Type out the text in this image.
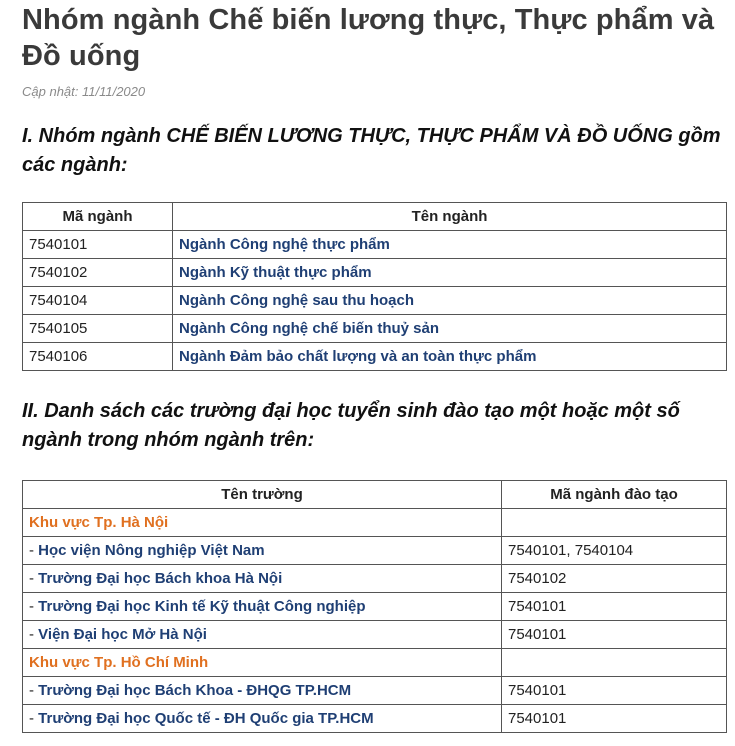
Nhóm ngành Chế biến lương thực, Thực phẩm và Đồ uống
Cập nhật: 11/11/2020
I. Nhóm ngành CHẾ BIẾN LƯƠNG THỰC, THỰC PHẨM VÀ ĐỒ UỐNG gồm các ngành:
Mã ngành	Tên ngành
7540101	Ngành Công nghệ thực phẩm
7540102	Ngành Kỹ thuật thực phẩm
7540104	Ngành Công nghệ sau thu hoạch
7540105	Ngành Công nghệ chế biến thuỷ sản
7540106	Ngành Đảm bảo chất lượng và an toàn thực phẩm
II. Danh sách các trường đại học tuyển sinh đào tạo một hoặc một số ngành trong nhóm ngành trên:
Tên trường	Mã ngành đào tạo
Khu vực Tp. Hà Nội	
- Học viện Nông nghiệp Việt Nam	7540101, 7540104
- Trường Đại học Bách khoa Hà Nội	7540102
- Trường Đại học Kinh tế Kỹ thuật Công nghiệp	7540101
- Viện Đại học Mở Hà Nội	7540101
Khu vực Tp. Hồ Chí Minh	
- Trường Đại học Bách Khoa - ĐHQG TP.HCM	7540101
- Trường Đại học Quốc tế - ĐH Quốc gia TP.HCM	7540101
